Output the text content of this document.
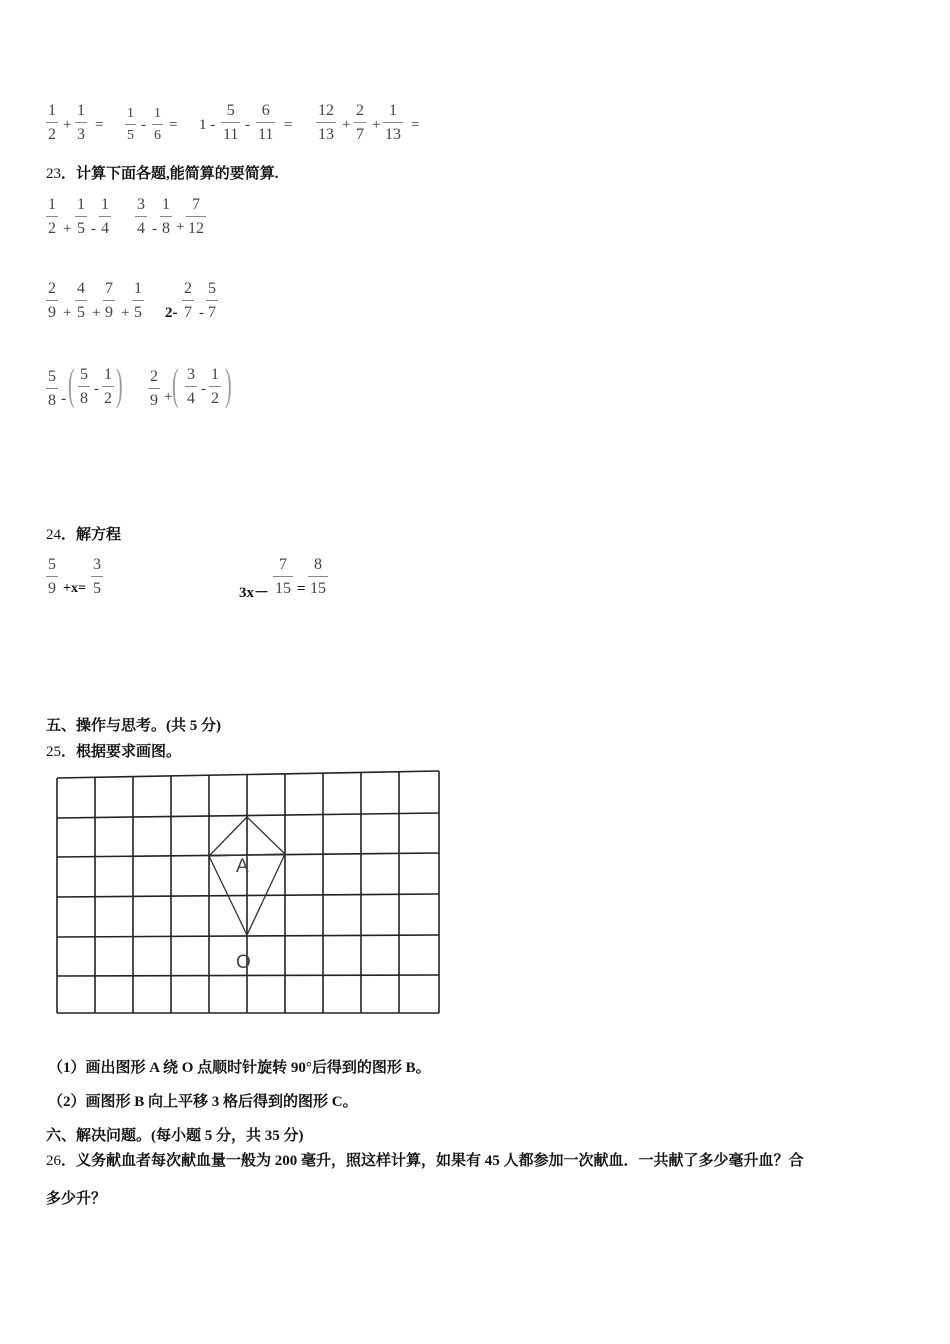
1
2
+
1
3
=
1
5
-
1
6
= 1 -
5
11
-
6
11
=
12
13
+
2
7
+
1
13
=
23．计算下面各题,能简算的要简算.
1
2 +
1
5 -
1
4
3
4 -
1
8 +
7
12
2
9 +
4
5 +
7
9 +
1
5 2-
2
7 -
5
7
5
8 - ( 5
8
-
1
2 ) 2
9 + ( 3
4
-
1
2 )
24．解方程
5
9 +x=
3
5	3x－
7
15 =
8
15
五、操作与思考。(共 5 分)
25．根据要求画图。
A
O
（1）画出图形 A 绕 O 点顺时针旋转 90°后得到的图形 B。
（2）画图形 B 向上平移 3 格后得到的图形 C。
六、解决问题。(每小题 5 分，共 35 分)
26．义务献血者每次献血量一般为 200 毫升，照这样计算，如果有 45 人都参加一次献血．一共献了多少毫升血？合
多少升？
